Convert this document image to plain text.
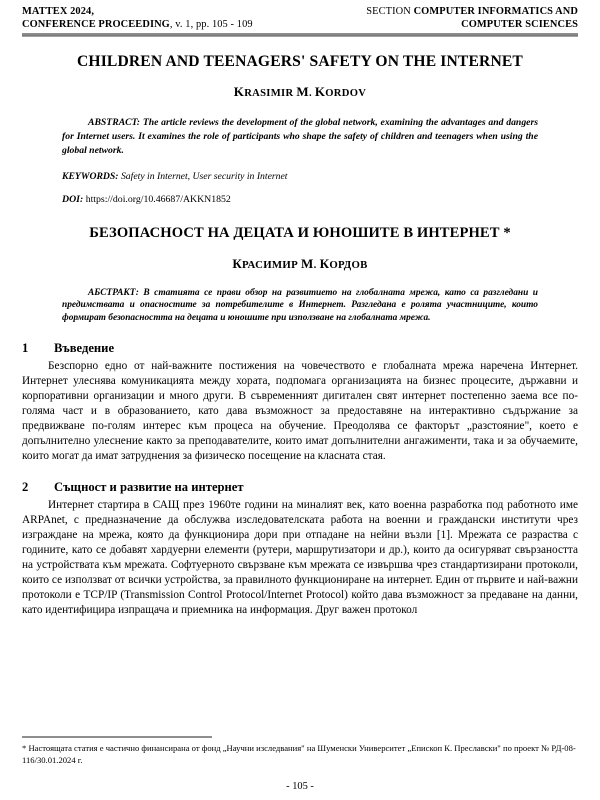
MATTEX 2024,
CONFERENCE PROCEEDING, v. 1, pp. 105 - 109
SECTION COMPUTER INFORMATICS AND
COMPUTER SCIENCES
CHILDREN AND TEENAGERS' SAFETY ON THE INTERNET
KRASIMIR M. KORDOV
ABSTRACT: The article reviews the development of the global network, examining the advantages and dangers for Internet users. It examines the role of participants who shape the safety of children and teenagers when using the global network.
KEYWORDS: Safety in Internet, User security in Internet
DOI: https://doi.org/10.46687/AKKN1852
БЕЗОПАСНОСТ НА ДЕЦАТА И ЮНОШИТЕ В ИНТЕРНЕТ *
КРАСИМИР М. КОРДОВ
АБСТРАКТ: В статията се прави обзор на развитието на глобалната мрежа, като са разгледани и предимствата и опасностите за потребителите в Интернет. Разгледана е ролята участниците, които формират безопасността на децата и юношите при използване на глобалната мрежа.
1	Въведение

Безспорно едно от най-важните постижения на човечеството е глобалната мрежа наречена Интернет. Интернет улеснява комуникацията между хората, подпомага организацията на бизнес процесите, държавни и корпоративни организации и много други. В съвременният дигитален свят интернет постепенно заема все по-голяма част и в образованието, като дава възможност за предоставяне на интерактивно съдържание за предвижване по-голям интерес към процеса на обучение. Преодолява се факторът „разстояние", което е допълнително улеснение както за преподавателите, които имат допълнителни ангажименти, така и за обучаемите, които могат да имат затруднения за физическо посещение на класната стая.

2	Същност и развитие на интернет

Интернет стартира в САЩ през 1960те години на миналият век, като военна разработка под работното име ARPAnet, с предназначение да обслужва изследователската работа на военни и граждански институти чрез изграждане на мрежа, която да функционира дори при отпадане на нейни възли [1]. Мрежата се разраства с годините, като се добавят хардуерни елементи (рутери, маршрутизатори и др.), които да осигуряват свързаността на устройствата към мрежата. Софтуерното свързване към мрежата се извършва чрез стандартизирани протоколи, които се използват от всички устройства, за правилното функциониране на интернет. Един от първите и най-важни протоколи е TCP/IP (Transmission Control Protocol/Internet Protocol) който дава възможност за предаване на данни, като идентифицира изпращача и приемника на информация. Друг важен протокол

* Настоящата статия е частично финансирана от фонд „Научни изследвания" на Шуменски Университет „Епископ К. Преславски" по проект № РД-08-116/30.01.2024 г.
- 105 -
